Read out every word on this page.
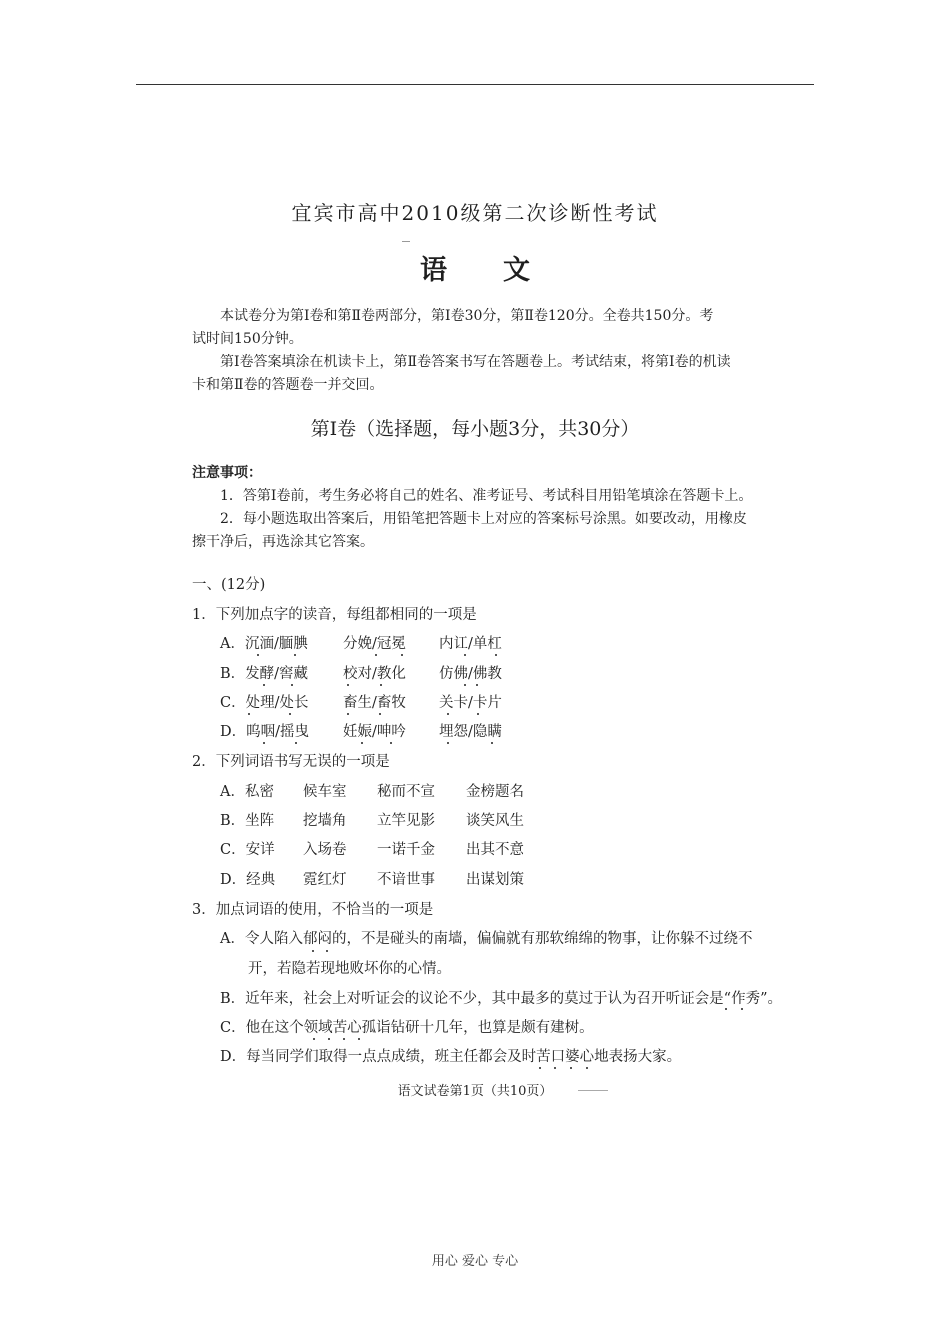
宜宾市高中2010级第二次诊断性考试
语 文
本试卷分为第Ⅰ卷和第Ⅱ卷两部分，第Ⅰ卷30分，第Ⅱ卷120分。全卷共150分。考
试时间150分钟。
第Ⅰ卷答案填涂在机读卡上，第Ⅱ卷答案书写在答题卷上。考试结束，将第Ⅰ卷的机读
卡和第Ⅱ卷的答题卷一并交回。
第Ⅰ卷（选择题，每小题3分，共30分）
注意事项：
1．答第Ⅰ卷前，考生务必将自己的姓名、准考证号、考试科目用铅笔填涂在答题卡上。
2．每小题选取出答案后，用铅笔把答题卡上对应的答案标号涂黑。如要改动，用橡皮
擦干净后，再选涂其它答案。
一、(12分)
1．下列加点字的读音，每组都相同的一项是
A．沉湎/腼腆 分娩/冠冕 内讧/单杠
B．发酵/窖藏 校对/教化 仿佛/佛教
C．处理/处长 畜生/畜牧 关卡/卡片
D．呜咽/摇曳 妊娠/呻吟 埋怨/隐瞒
2．下列词语书写无误的一项是
A．私密 候车室 秘而不宣 金榜题名
B．坐阵 挖墙角 立竿见影 谈笑风生
C．安详 入场卷 一诺千金 出其不意
D．经典 霓红灯 不谙世事 出谋划策
3．加点词语的使用，不恰当的一项是
A．令人陷入郁闷的，不是碰头的南墙，偏偏就有那软绵绵的物事，让你躲不过绕不
开，若隐若现地败坏你的心情。
B．近年来，社会上对听证会的议论不少，其中最多的莫过于认为召开听证会是“作秀”。
C．他在这个领域苦心孤诣钻研十几年，也算是颇有建树。
D．每当同学们取得一点点成绩，班主任都会及时苦口婆心地表扬大家。
语文试卷第1页（共10页）
用心 爱心 专心
